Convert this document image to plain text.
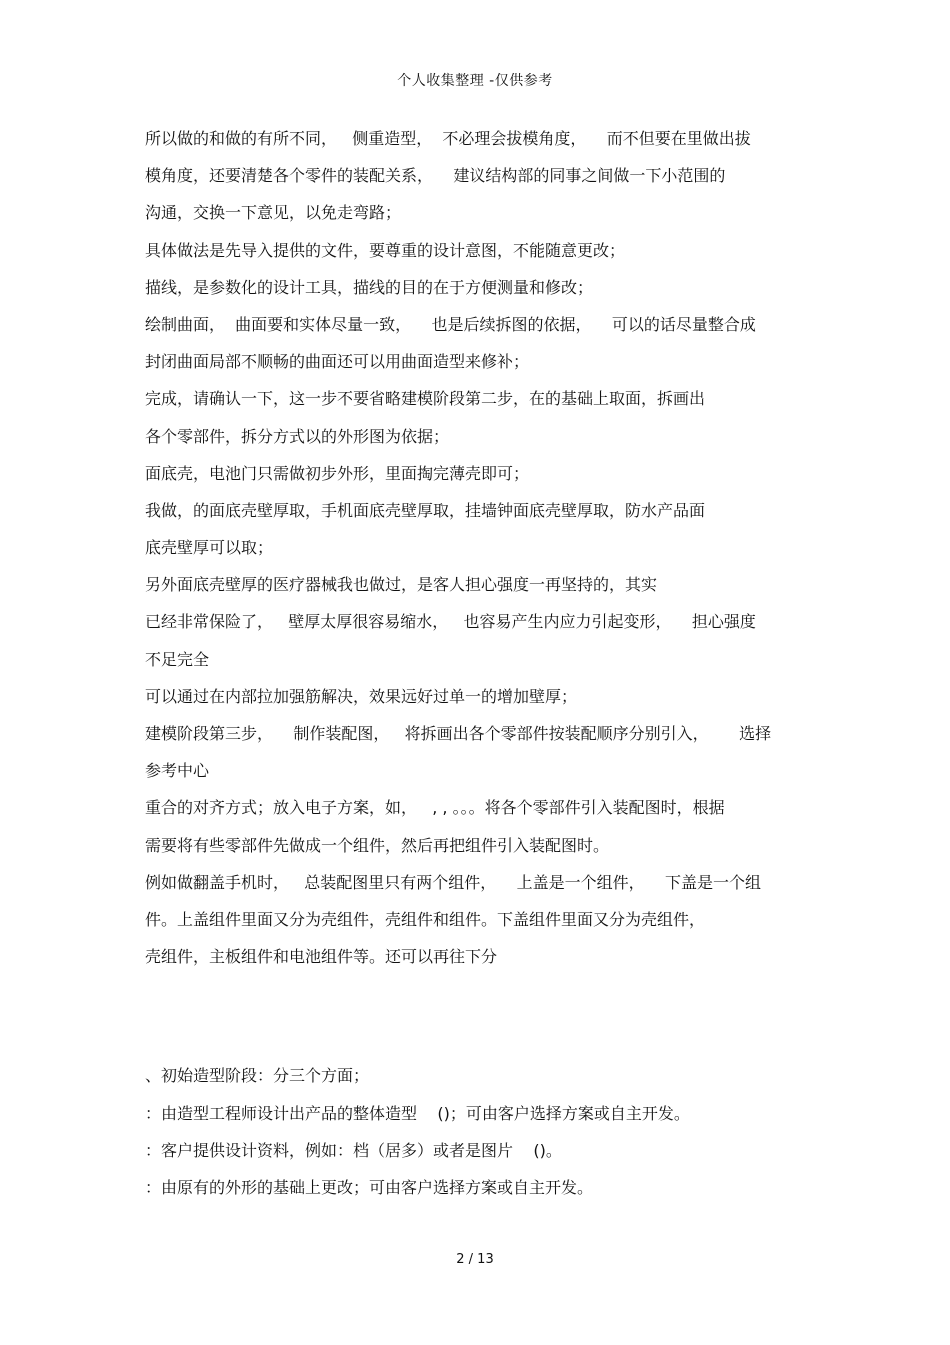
个人收集整理 -仅供参考
所以做的和做的有所不同，   侧重造型，  不必理会拔模角度，    而不但要在里做出拔
模角度，还要清楚各个零件的装配关系，    建议结构部的同事之间做一下小范围的
沟通，交换一下意见，以免走弯路；
具体做法是先导入提供的文件，要尊重的设计意图，不能随意更改；
描线，是参数化的设计工具，描线的目的在于方便测量和修改；
绘制曲面，  曲面要和实体尽量一致，    也是后续拆图的依据，    可以的话尽量整合成
封闭曲面局部不顺畅的曲面还可以用曲面造型来修补；
完成，请确认一下，这一步不要省略建模阶段第二步，在的基础上取面，拆画出
各个零部件，拆分方式以的外形图为依据；
面底壳，电池门只需做初步外形，里面掏完薄壳即可；
我做，的面底壳壁厚取，手机面底壳壁厚取，挂墙钟面底壳壁厚取，防水产品面
底壳壁厚可以取；
另外面底壳壁厚的医疗器械我也做过，是客人担心强度一再坚持的，其实
已经非常保险了，   壁厚太厚很容易缩水，   也容易产生内应力引起变形，    担心强度
不足完全
可以通过在内部拉加强筋解决，效果远好过单一的增加壁厚；
建模阶段第三步，    制作装配图，   将拆画出各个零部件按装配顺序分别引入，      选择
参考中心
重合的对齐方式；放入电子方案，如，   , , 。。。将各个零部件引入装配图时，根据
需要将有些零部件先做成一个组件，然后再把组件引入装配图时。
例如做翻盖手机时，   总装配图里只有两个组件，    上盖是一个组件，    下盖是一个组
件。上盖组件里面又分为壳组件，壳组件和组件。下盖组件里面又分为壳组件，
壳组件，主板组件和电池组件等。还可以再往下分
、初始造型阶段：分三个方面；
：由造型工程师设计出产品的整体造型    ()；可由客户选择方案或自主开发。
：客户提供设计资料，例如：档（居多）或者是图片    ()。
：由原有的外形的基础上更改；可由客户选择方案或自主开发。
2 / 13
